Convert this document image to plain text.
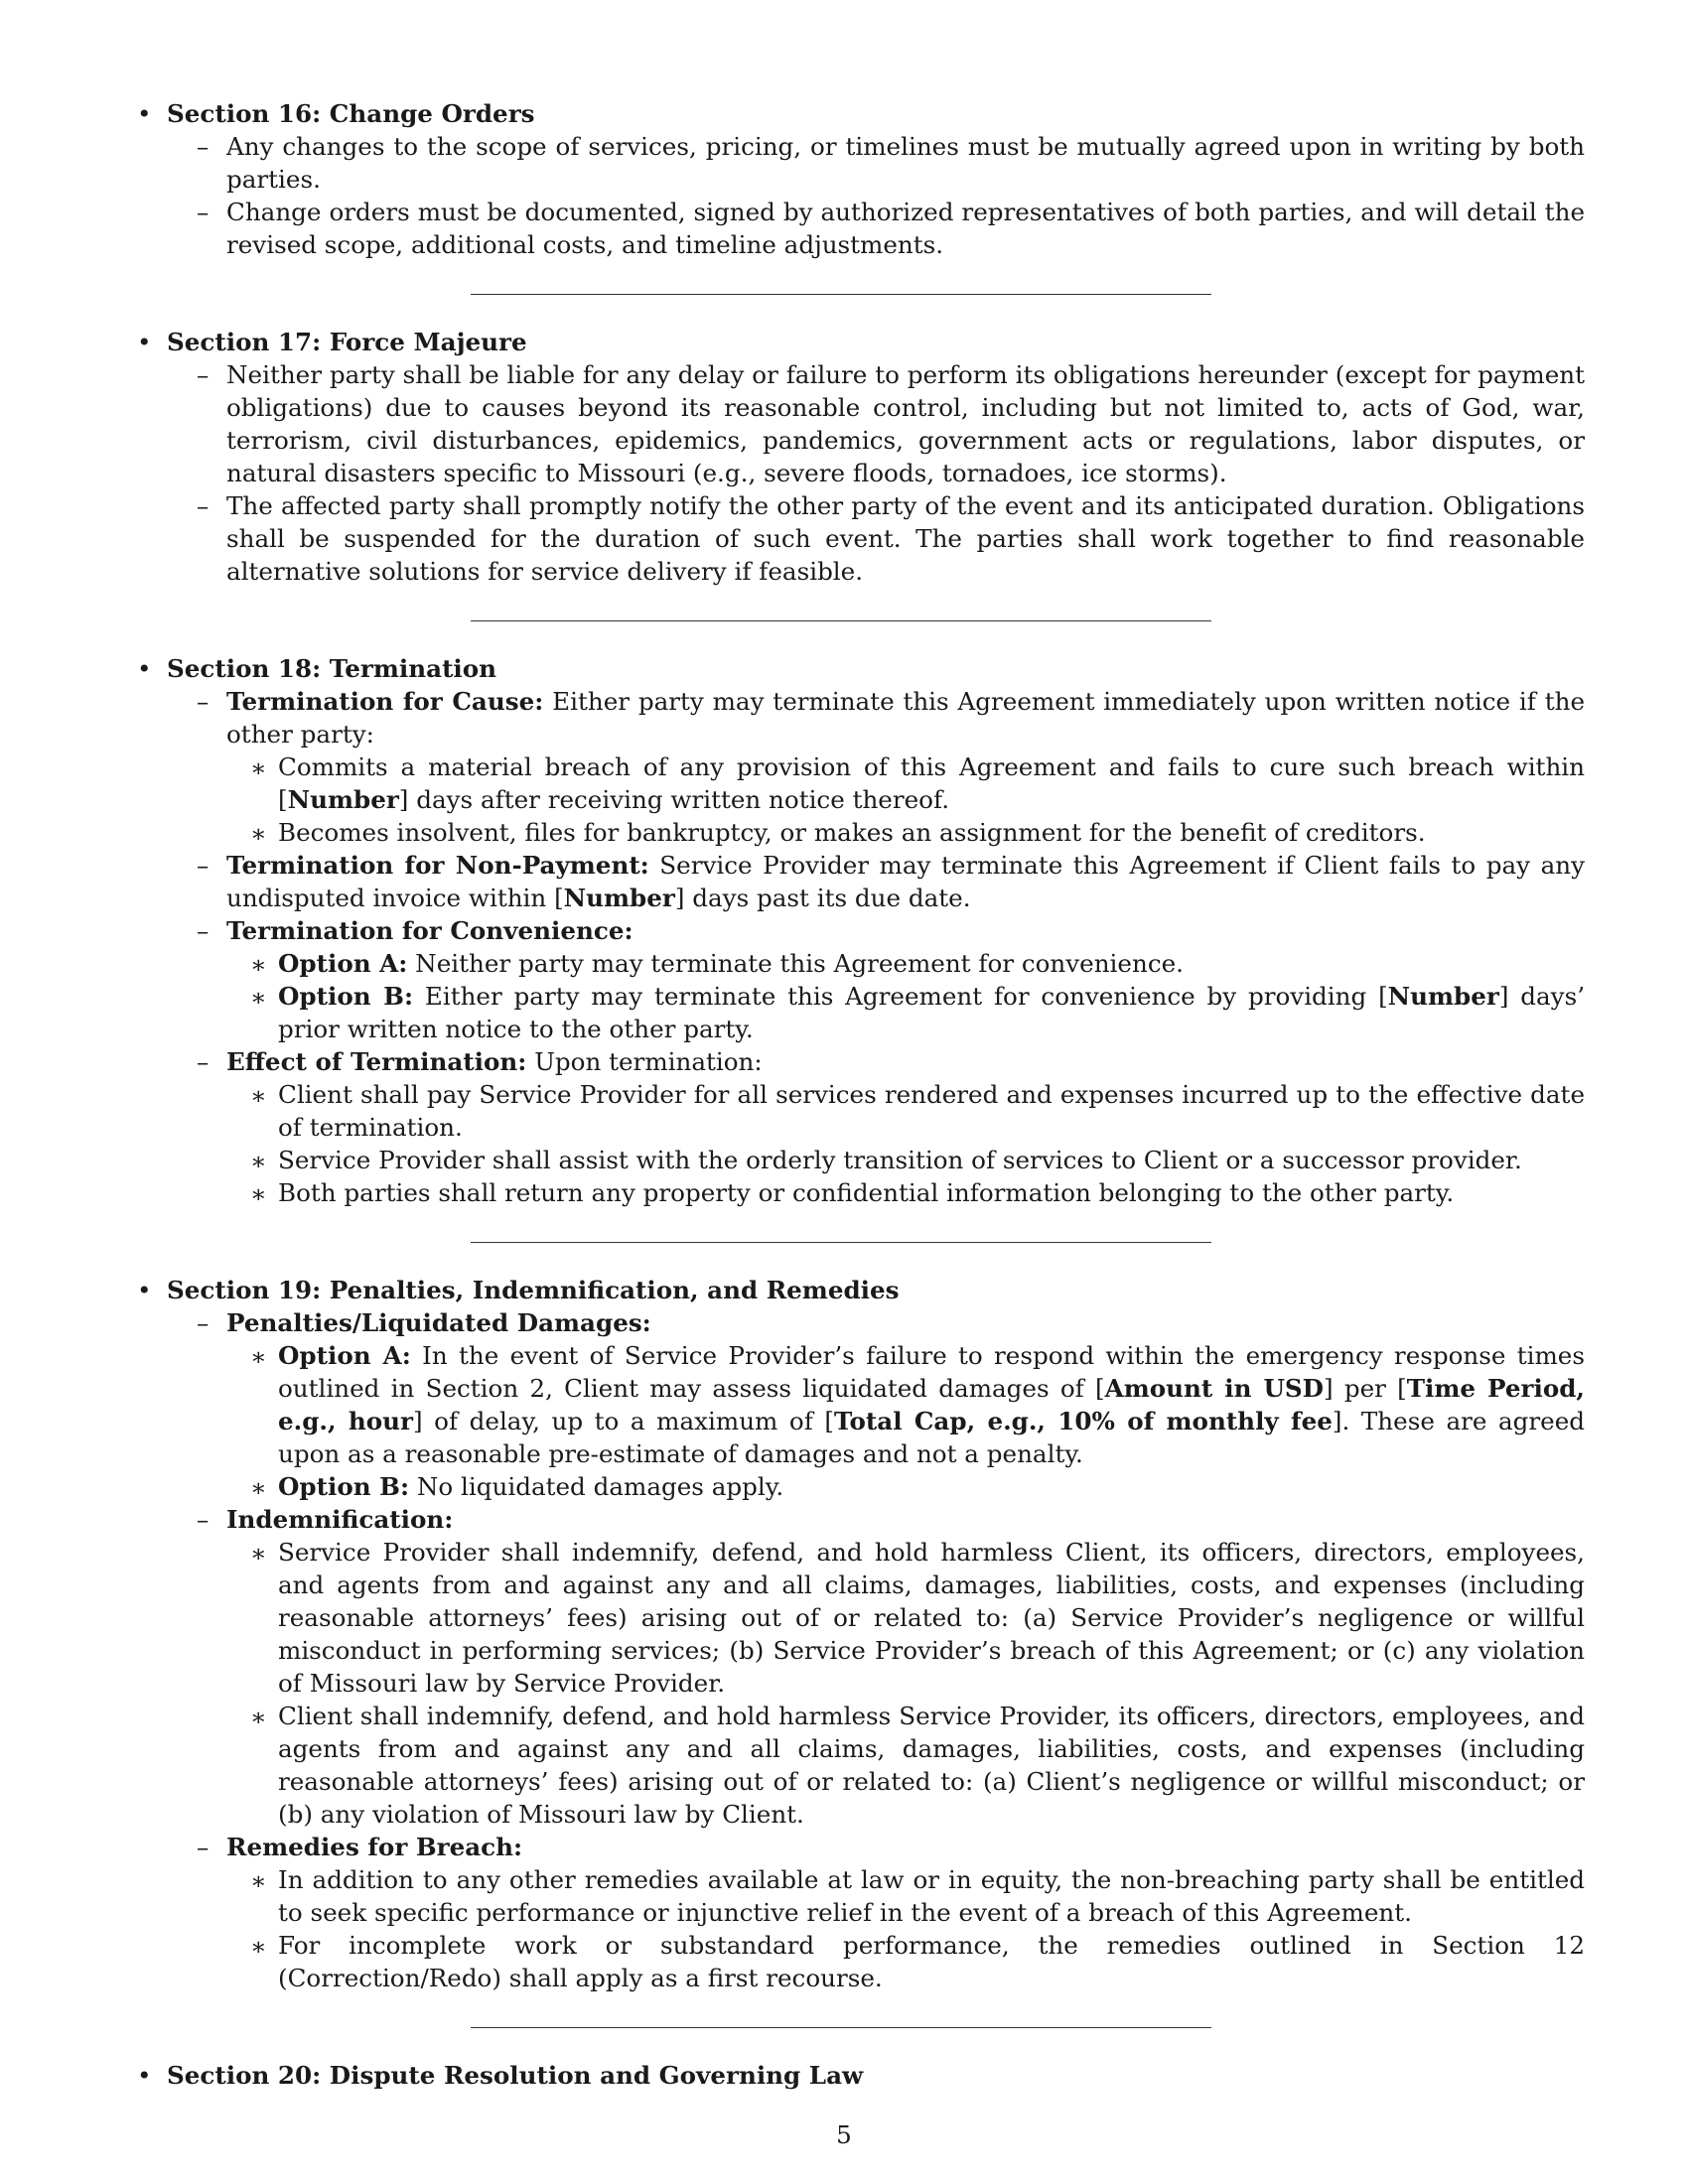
• Section 16: Change Orders
– Any changes to the scope of services, pricing, or timelines must be mutually agreed upon in writing by both parties.
– Change orders must be documented, signed by authorized representatives of both parties, and will detail the revised scope, additional costs, and timeline adjustments.
• Section 17: Force Majeure
– Neither party shall be liable for any delay or failure to perform its obligations hereunder (except for payment obligations) due to causes beyond its reasonable control, including but not limited to, acts of God, war, terrorism, civil disturbances, epidemics, pandemics, government acts or regulations, labor disputes, or natural disasters specific to Missouri (e.g., severe floods, tornadoes, ice storms).
– The affected party shall promptly notify the other party of the event and its anticipated duration. Obligations shall be suspended for the duration of such event. The parties shall work together to find reasonable alternative solutions for service delivery if feasible.
• Section 18: Termination
– Termination for Cause: Either party may terminate this Agreement immediately upon written notice if the other party:
∗ Commits a material breach of any provision of this Agreement and fails to cure such breach within [Number] days after receiving written notice thereof.
∗ Becomes insolvent, files for bankruptcy, or makes an assignment for the benefit of creditors.
– Termination for Non-Payment: Service Provider may terminate this Agreement if Client fails to pay any undisputed invoice within [Number] days past its due date.
– Termination for Convenience:
∗ Option A: Neither party may terminate this Agreement for convenience.
∗ Option B: Either party may terminate this Agreement for convenience by providing [Number] days’ prior written notice to the other party.
– Effect of Termination: Upon termination:
∗ Client shall pay Service Provider for all services rendered and expenses incurred up to the effective date of termination.
∗ Service Provider shall assist with the orderly transition of services to Client or a successor provider.
∗ Both parties shall return any property or confidential information belonging to the other party.
• Section 19: Penalties, Indemnification, and Remedies
– Penalties/Liquidated Damages:
∗ Option A: In the event of Service Provider’s failure to respond within the emergency response times outlined in Section 2, Client may assess liquidated damages of [Amount in USD] per [Time Period, e.g., hour] of delay, up to a maximum of [Total Cap, e.g., 10% of monthly fee]. These are agreed upon as a reasonable pre-estimate of damages and not a penalty.
∗ Option B: No liquidated damages apply.
– Indemnification:
∗ Service Provider shall indemnify, defend, and hold harmless Client, its officers, directors, employees, and agents from and against any and all claims, damages, liabilities, costs, and expenses (including reasonable attorneys’ fees) arising out of or related to: (a) Service Provider’s negligence or willful misconduct in performing services; (b) Service Provider’s breach of this Agreement; or (c) any violation of Missouri law by Service Provider.
∗ Client shall indemnify, defend, and hold harmless Service Provider, its officers, directors, employees, and agents from and against any and all claims, damages, liabilities, costs, and expenses (including reasonable attorneys’ fees) arising out of or related to: (a) Client’s negligence or willful misconduct; or (b) any violation of Missouri law by Client.
– Remedies for Breach:
∗ In addition to any other remedies available at law or in equity, the non-breaching party shall be entitled to seek specific performance or injunctive relief in the event of a breach of this Agreement.
∗ For incomplete work or substandard performance, the remedies outlined in Section 12 (Correction/Redo) shall apply as a first recourse.
• Section 20: Dispute Resolution and Governing Law
5
